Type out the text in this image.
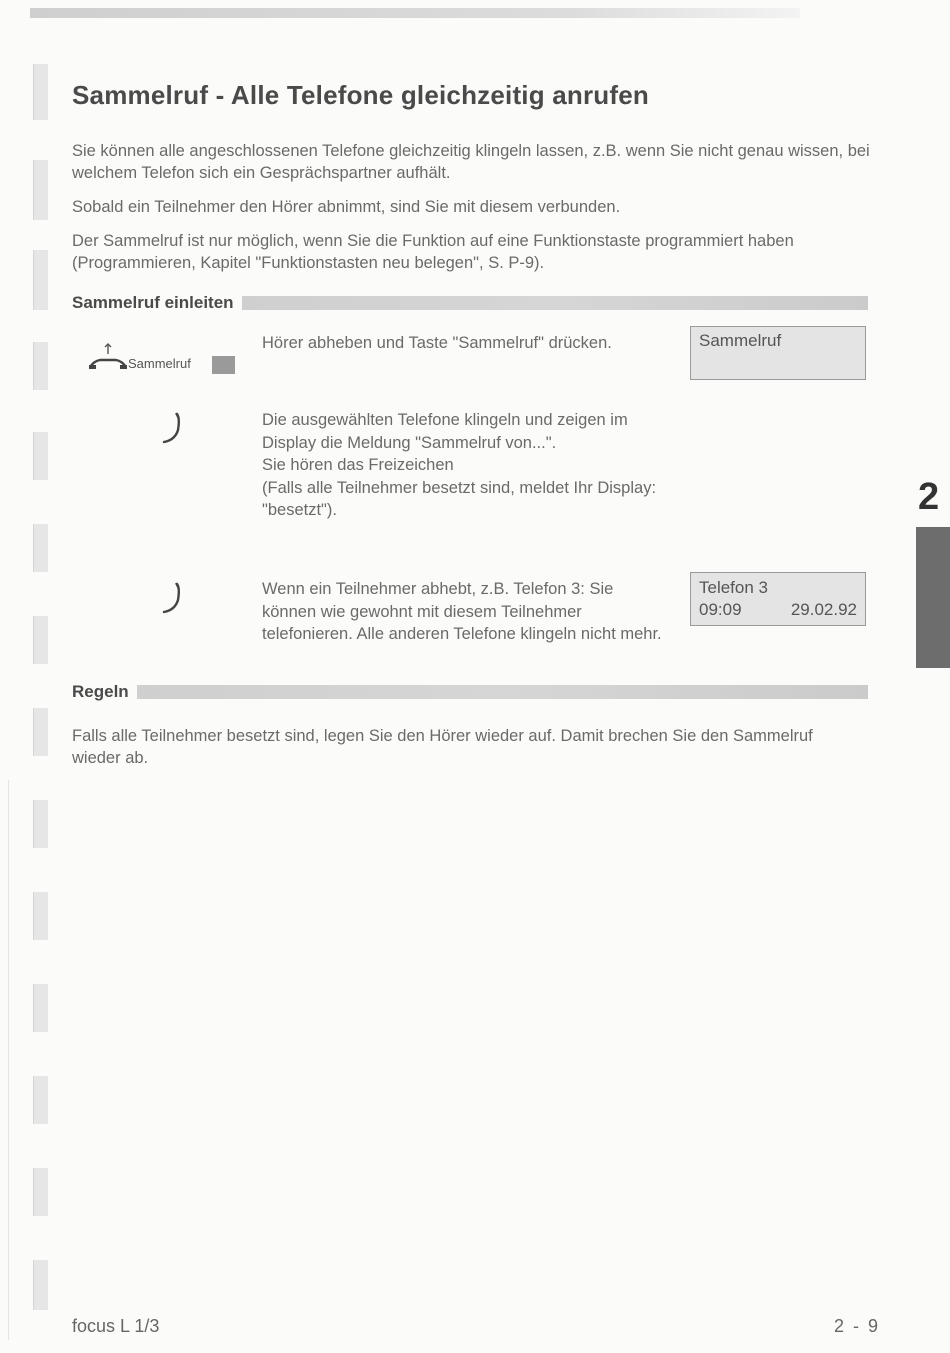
Sammelruf - Alle Telefone gleichzeitig anrufen

Sie können alle angeschlossenen Telefone gleichzeitig klingeln lassen, z.B. wenn Sie nicht genau wissen, bei welchem Telefon sich ein Gesprächspartner aufhält.

Sobald ein Teilnehmer den Hörer abnimmt, sind Sie mit diesem verbunden.

Der Sammelruf ist nur möglich, wenn Sie die Funktion auf eine Funktionstaste programmiert haben (Programmieren, Kapitel "Funktionstasten neu belegen", S. P-9).

Sammelruf einleiten
Sammelruf

Hörer abheben und Taste "Sammelruf" drücken.	Sammelruf

Die ausgewählten Telefone klingeln und zeigen im Display die Meldung "Sammelruf von...".
Sie hören das Freizeichen
(Falls alle Teilnehmer besetzt sind, meldet Ihr Display: "besetzt").

Wenn ein Teilnehmer abhebt, z.B. Telefon 3: Sie können wie gewohnt mit diesem Teilnehmer telefonieren. Alle anderen Telefone klingeln nicht mehr.

Telefon 3
09:09	29.02.92
Regeln

Falls alle Teilnehmer besetzt sind, legen Sie den Hörer wieder auf. Damit brechen Sie den Sammelruf wieder ab.

2
focus L 1/3	2 - 9
